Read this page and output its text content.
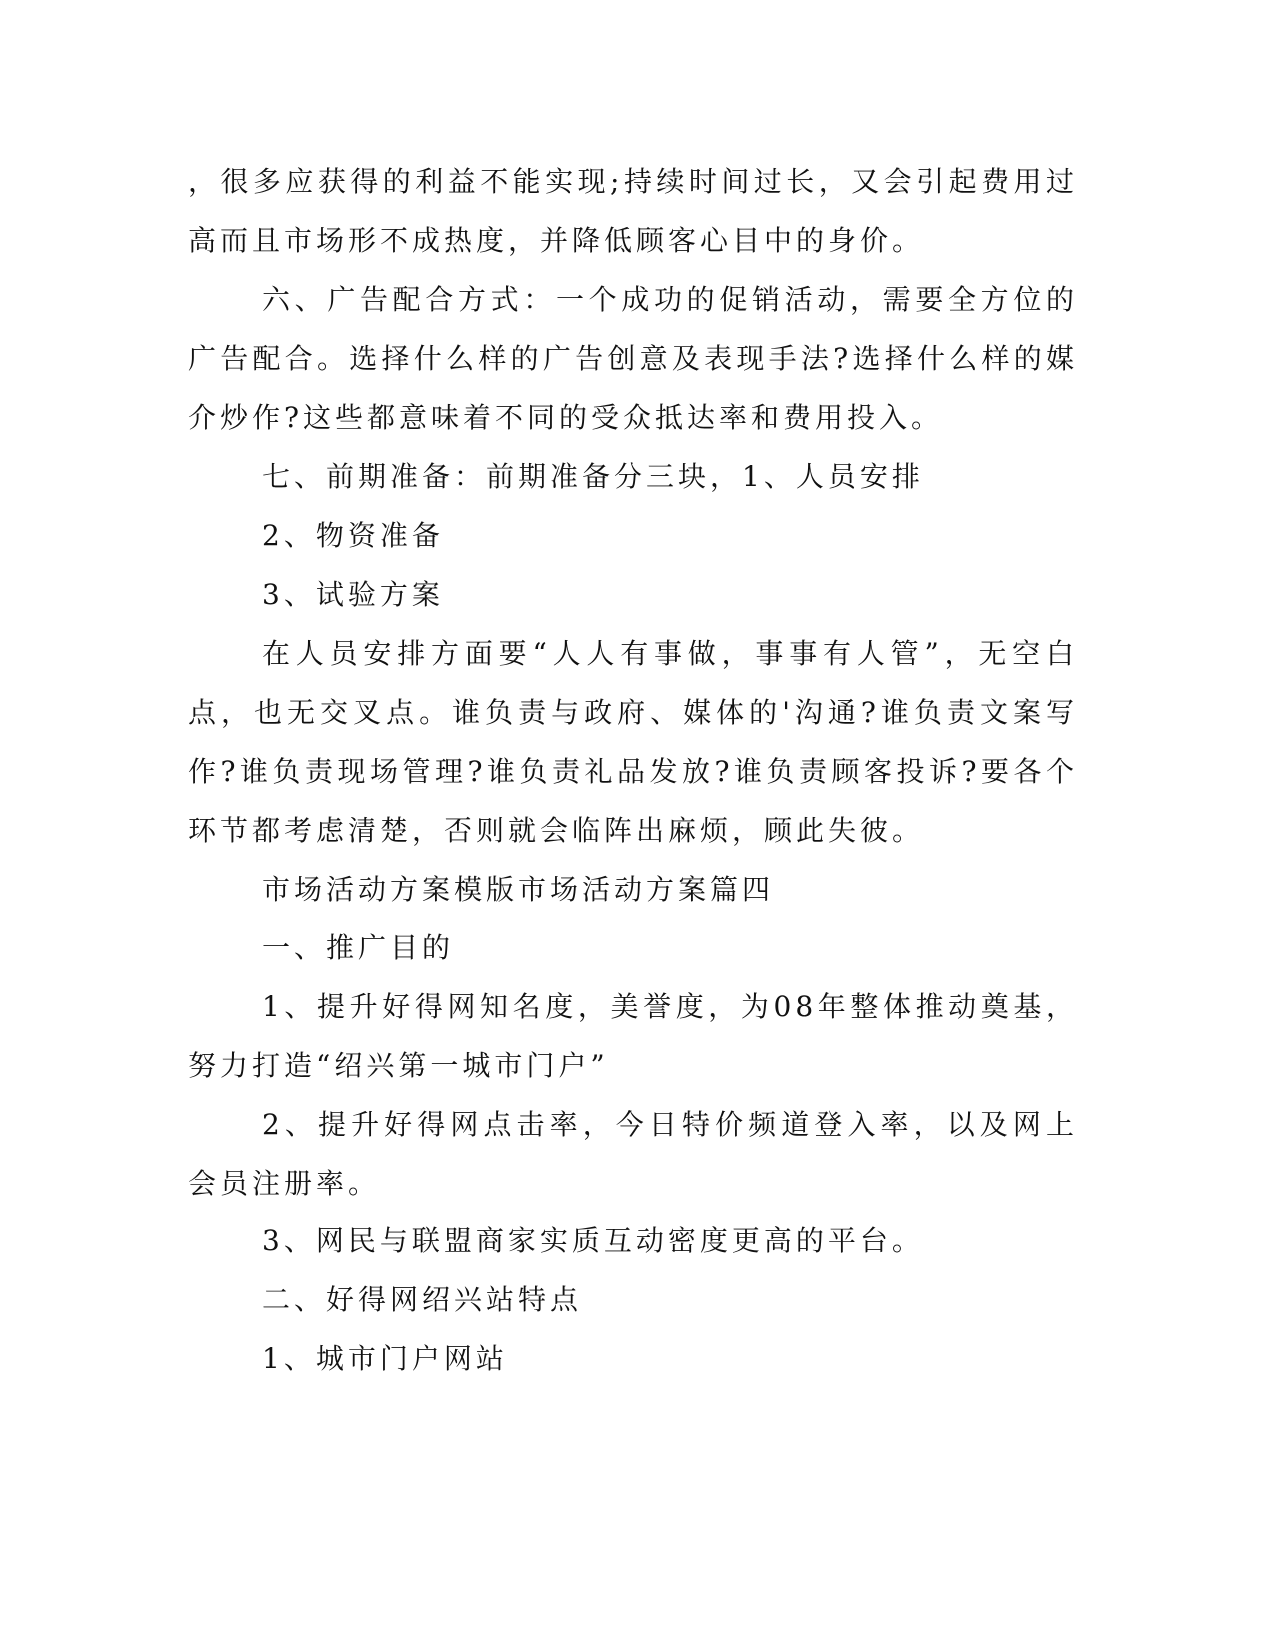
，很多应获得的利益不能实现;持续时间过长，又会引起费用过高而且市场形不成热度，并降低顾客心目中的身价。

六、广告配合方式：一个成功的促销活动，需要全方位的广告配合。选择什么样的广告创意及表现手法?选择什么样的媒介炒作?这些都意味着不同的受众抵达率和费用投入。

七、前期准备：前期准备分三块，1、人员安排

2、物资准备

3、试验方案

在人员安排方面要“人人有事做，事事有人管”，无空白点，也无交叉点。谁负责与政府、媒体的'沟通?谁负责文案写作?谁负责现场管理?谁负责礼品发放?谁负责顾客投诉?要各个环节都考虑清楚，否则就会临阵出麻烦，顾此失彼。

市场活动方案模版市场活动方案篇四

一、推广目的

1、提升好得网知名度，美誉度，为08年整体推动奠基，努力打造“绍兴第一城市门户”

2、提升好得网点击率，今日特价频道登入率，以及网上会员注册率。

3、网民与联盟商家实质互动密度更高的平台。

二、好得网绍兴站特点

1、城市门户网站
